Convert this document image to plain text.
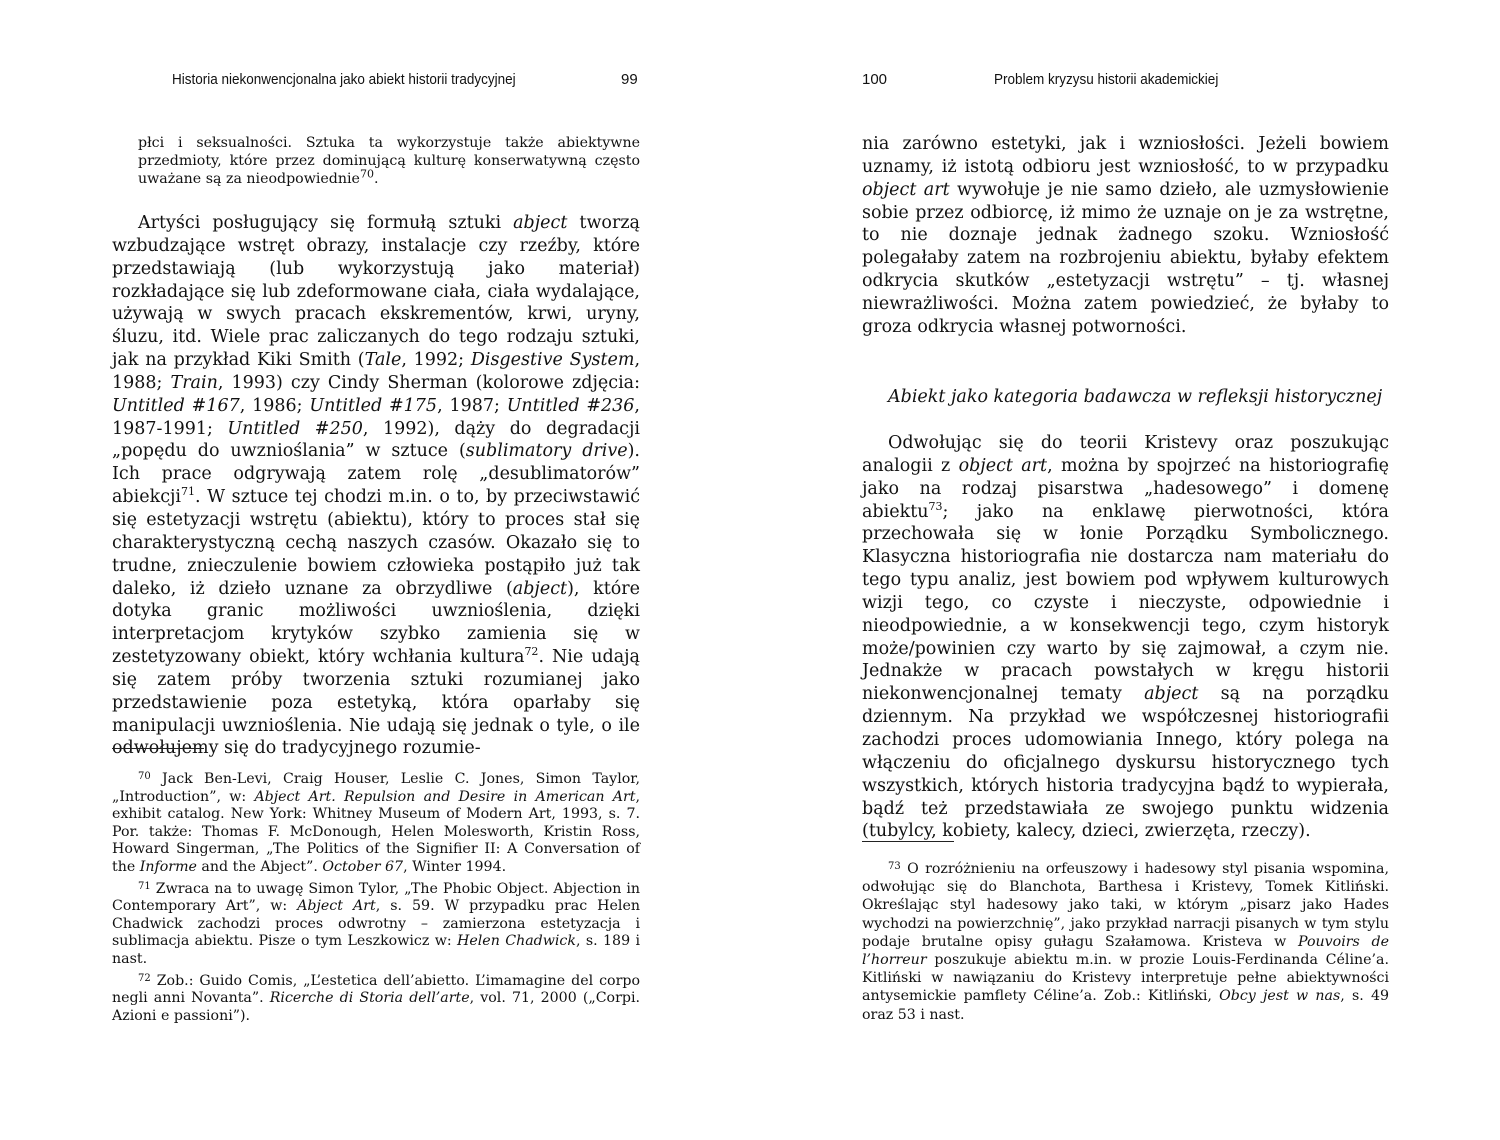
Historia niekonwencjonalna jako abiekt historii tradycyjnej	99

płci i seksualności. Sztuka ta wykorzystuje także abiektywne przedmioty, które przez dominującą kulturę konserwatywną często uważane są za nieodpowiednie$^{70}$.

Artyści posługujący się formułą sztuki abject tworzą wzbudzające wstręt obrazy, instalacje czy rzeźby, które przedstawiają (lub wykorzystują jako materiał) rozkładające się lub zdeformowane ciała, ciała wydalające, używają w swych pracach ekskrementów, krwi, uryny, śluzu, itd. Wiele prac zaliczanych do tego rodzaju sztuki, jak na przykład Kiki Smith (Tale, 1992; Disgestive System, 1988; Train, 1993) czy Cindy Sherman (kolorowe zdjęcia: Untitled #167, 1986; Untitled #175, 1987; Untitled #236, 1987-1991; Untitled #250, 1992), dąży do degradacji „popędu do uwznioślania” w sztuce (sublimatory drive). Ich prace odgrywają zatem rolę „desublimatorów” abiekcji$^{71}$. W sztuce tej chodzi m.in. o to, by przeciwstawić się estetyzacji wstrętu (abiektu), który to proces stał się charakterystyczną cechą naszych czasów. Okazało się to trudne, znieczulenie bowiem człowieka postąpiło już tak daleko, iż dzieło uznane za obrzydliwe (abject), które dotyka granic możliwości uwznioślenia, dzięki interpretacjom krytyków szybko zamienia się w zestetyzowany obiekt, który wchłania kultura$^{72}$. Nie udają się zatem próby tworzenia sztuki rozumianej jako przedstawienie poza estetyką, która oparłaby się manipulacji uwznioślenia. Nie udają się jednak o tyle, o ile odwołujemy się do tradycyjnego rozumie-

$^{70}$ Jack Ben-Levi, Craig Houser, Leslie C. Jones, Simon Taylor, „Introduction”, w: Abject Art. Repulsion and Desire in American Art, exhibit catalog. New York: Whitney Museum of Modern Art, 1993, s. 7. Por. także: Thomas F. McDonough, Helen Molesworth, Kristin Ross, Howard Singerman, „The Politics of the Signifier II: A Conversation of the Informe and the Abject”. October 67, Winter 1994.

$^{71}$ Zwraca na to uwagę Simon Tylor, „The Phobic Object. Abjection in Contemporary Art”, w: Abject Art, s. 59. W przypadku prac Helen Chadwick zachodzi proces odwrotny – zamierzona estetyzacja i sublimacja abiektu. Pisze o tym Leszkowicz w: Helen Chadwick, s. 189 i nast.

$^{72}$ Zob.: Guido Comis, „L’estetica dell’abietto. L’imamagine del corpo negli anni Novanta”. Ricerche di Storia dell’arte, vol. 71, 2000 („Corpi. Azioni e passioni”).

100	Problem kryzysu historii akademickiej

nia zarówno estetyki, jak i wzniosłości. Jeżeli bowiem uznamy, iż istotą odbioru jest wzniosłość, to w przypadku object art wywołuje je nie samo dzieło, ale uzmysłowienie sobie przez odbiorcę, iż mimo że uznaje on je za wstrętne, to nie doznaje jednak żadnego szoku. Wzniosłość polegałaby zatem na rozbrojeniu abiektu, byłaby efektem odkrycia skutków „estetyzacji wstrętu” – tj. własnej niewrażliwości. Można zatem powiedzieć, że byłaby to groza odkrycia własnej potworności.

Abiekt jako kategoria badawcza w refleksji historycznej

Odwołując się do teorii Kristevy oraz poszukując analogii z object art, można by spojrzeć na historiografię jako na rodzaj pisarstwa „hadesowego” i domenę abiektu$^{73}$; jako na enklawę pierwotności, która przechowała się w łonie Porządku Symbolicznego. Klasyczna historiografia nie dostarcza nam materiału do tego typu analiz, jest bowiem pod wpływem kulturowych wizji tego, co czyste i nieczyste, odpowiednie i nieodpowiednie, a w konsekwencji tego, czym historyk może/powinien czy warto by się zajmował, a czym nie. Jednakże w pracach powstałych w kręgu historii niekonwencjonalnej tematy abject są na porządku dziennym. Na przykład we współczesnej historiografii zachodzi proces udomowiania Innego, który polega na włączeniu do oficjalnego dyskursu historycznego tych wszystkich, których historia tradycyjna bądź to wypierała, bądź też przedstawiała ze swojego punktu widzenia (tubylcy, kobiety, kalecy, dzieci, zwierzęta, rzeczy).

$^{73}$ O rozróżnieniu na orfeuszowy i hadesowy styl pisania wspomina, odwołując się do Blanchota, Barthesa i Kristevy, Tomek Kitliński. Określając styl hadesowy jako taki, w którym „pisarz jako Hades wychodzi na powierzchnię”, jako przykład narracji pisanych w tym stylu podaje brutalne opisy gułagu Szałamowa. Kristeva w Pouvoirs de l’horreur poszukuje abiektu m.in. w prozie Louis-Ferdinanda Céline’a. Kitliński w nawiązaniu do Kristevy interpretuje pełne abiektywności antysemickie pamflety Céline’a. Zob.: Kitliński, Obcy jest w nas, s. 49 oraz 53 i nast.
